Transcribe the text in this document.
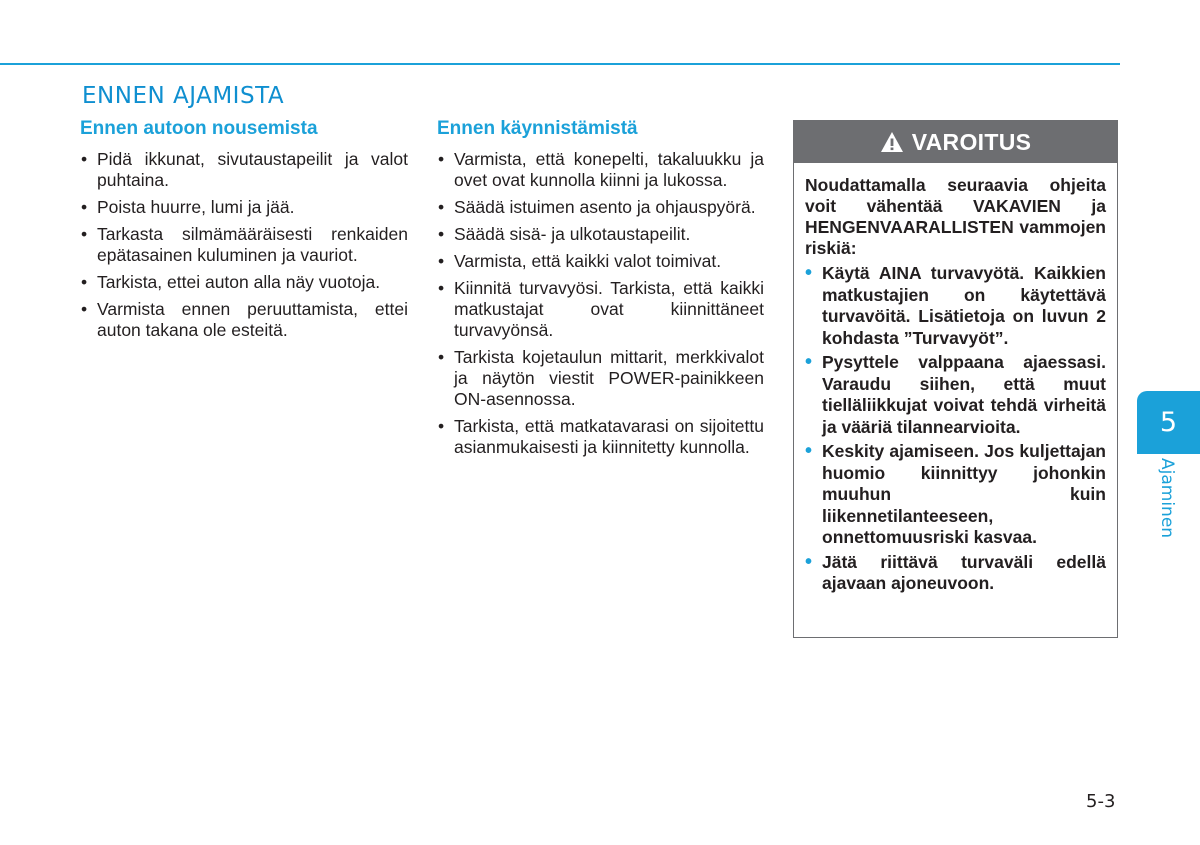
ENNEN AJAMISTA
Ennen autoon nousemista
• Pidä ikkunat, sivutaustapeilit ja valot puhtaina.
• Poista huurre, lumi ja jää.
• Tarkasta silmämääräisesti renkaiden epätasainen kuluminen ja vauriot.
• Tarkista, ettei auton alla näy vuotoja.
• Varmista ennen peruuttamista, ettei auton takana ole esteitä.
Ennen käynnistämistä
• Varmista, että konepelti, takaluukku ja ovet ovat kunnolla kiinni ja lukossa.
• Säädä istuimen asento ja ohjauspyörä.
• Säädä sisä- ja ulkotaustapeilit.
• Varmista, että kaikki valot toimivat.
• Kiinnitä turvavyösi. Tarkista, että kaikki matkustajat ovat kiinnittäneet turvavyönsä.
• Tarkista kojetaulun mittarit, merkkivalot ja näytön viestit POWER-painikkeen ON-asennossa.
• Tarkista, että matkatavarasi on sijoitettu asianmukaisesti ja kiinnitetty kunnolla.
VAROITUS

Noudattamalla seuraavia ohjeita voit vähentää VAKAVIEN ja HENGENVAARALLISTEN vammojen riskiä:

• Käytä AINA turvavyötä. Kaikkien matkustajien on käytettävä turvavöitä. Lisätietoja on luvun 2 kohdasta ”Turvavyöt”.
• Pysyttele valppaana ajaessasi. Varaudu siihen, että muut tielläliikkujat voivat tehdä virheitä ja vääriä tilannearvioita.
• Keskity ajamiseen. Jos kuljettajan huomio kiinnittyy johonkin muuhun kuin liikennetilanteeseen, onnettomuusriski kasvaa.
• Jätä riittävä turvaväli edellä ajavaan ajoneuvoon.
5
Ajaminen
5-3
